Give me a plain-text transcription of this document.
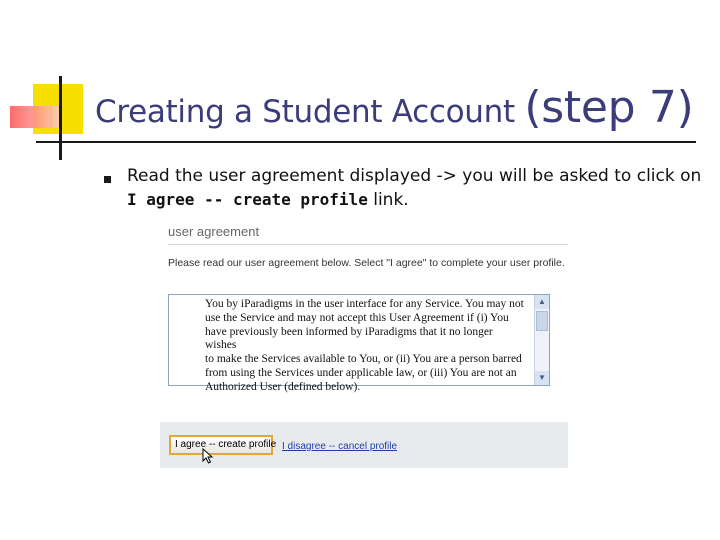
Creating a Student Account (step 7)
Read the user agreement displayed -> you will be asked to click on I agree -- create profile link.
user agreement
Please read our user agreement below. Select "I agree" to complete your user profile.
You by iParadigms in the user interface for any Service. You may not
use the Service and may not accept this User Agreement if (i) You
have previously been informed by iParadigms that it no longer wishes
to make the Services available to You, or (ii) You are a person barred
from using the Services under applicable law, or (iii) You are not an
Authorized User (defined below).
▲
▼
I agree -- create profile I disagree -- cancel profile
